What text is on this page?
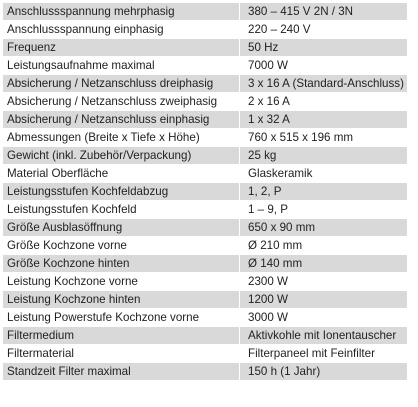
Anschlussspannung mehrphasig	380 – 415 V 2N / 3N
Anschlussspannung einphasig	220 – 240 V
Frequenz	50 Hz
Leistungsaufnahme maximal	7000 W
Absicherung / Netzanschluss dreiphasig	3 x 16 A (Standard-Anschluss)
Absicherung / Netzanschluss zweiphasig	2 x 16 A
Absicherung / Netzanschluss einphasig	1 x 32 A
Abmessungen (Breite x Tiefe x Höhe)	760 x 515 x 196 mm
Gewicht (inkl. Zubehör/Verpackung)	25 kg
Material Oberfläche	Glaskeramik
Leistungsstufen Kochfeldabzug	1, 2, P
Leistungsstufen Kochfeld	1 – 9, P
Größe Ausblasöffnung	650 x 90 mm
Größe Kochzone vorne	Ø 210 mm
Größe Kochzone hinten	Ø 140 mm
Leistung Kochzone vorne	2300 W
Leistung Kochzone hinten	1200 W
Leistung Powerstufe Kochzone vorne	3000 W
Filtermedium	Aktivkohle mit Ionentauscher
Filtermaterial	Filterpaneel mit Feinfilter
Standzeit Filter maximal	150 h (1 Jahr)
